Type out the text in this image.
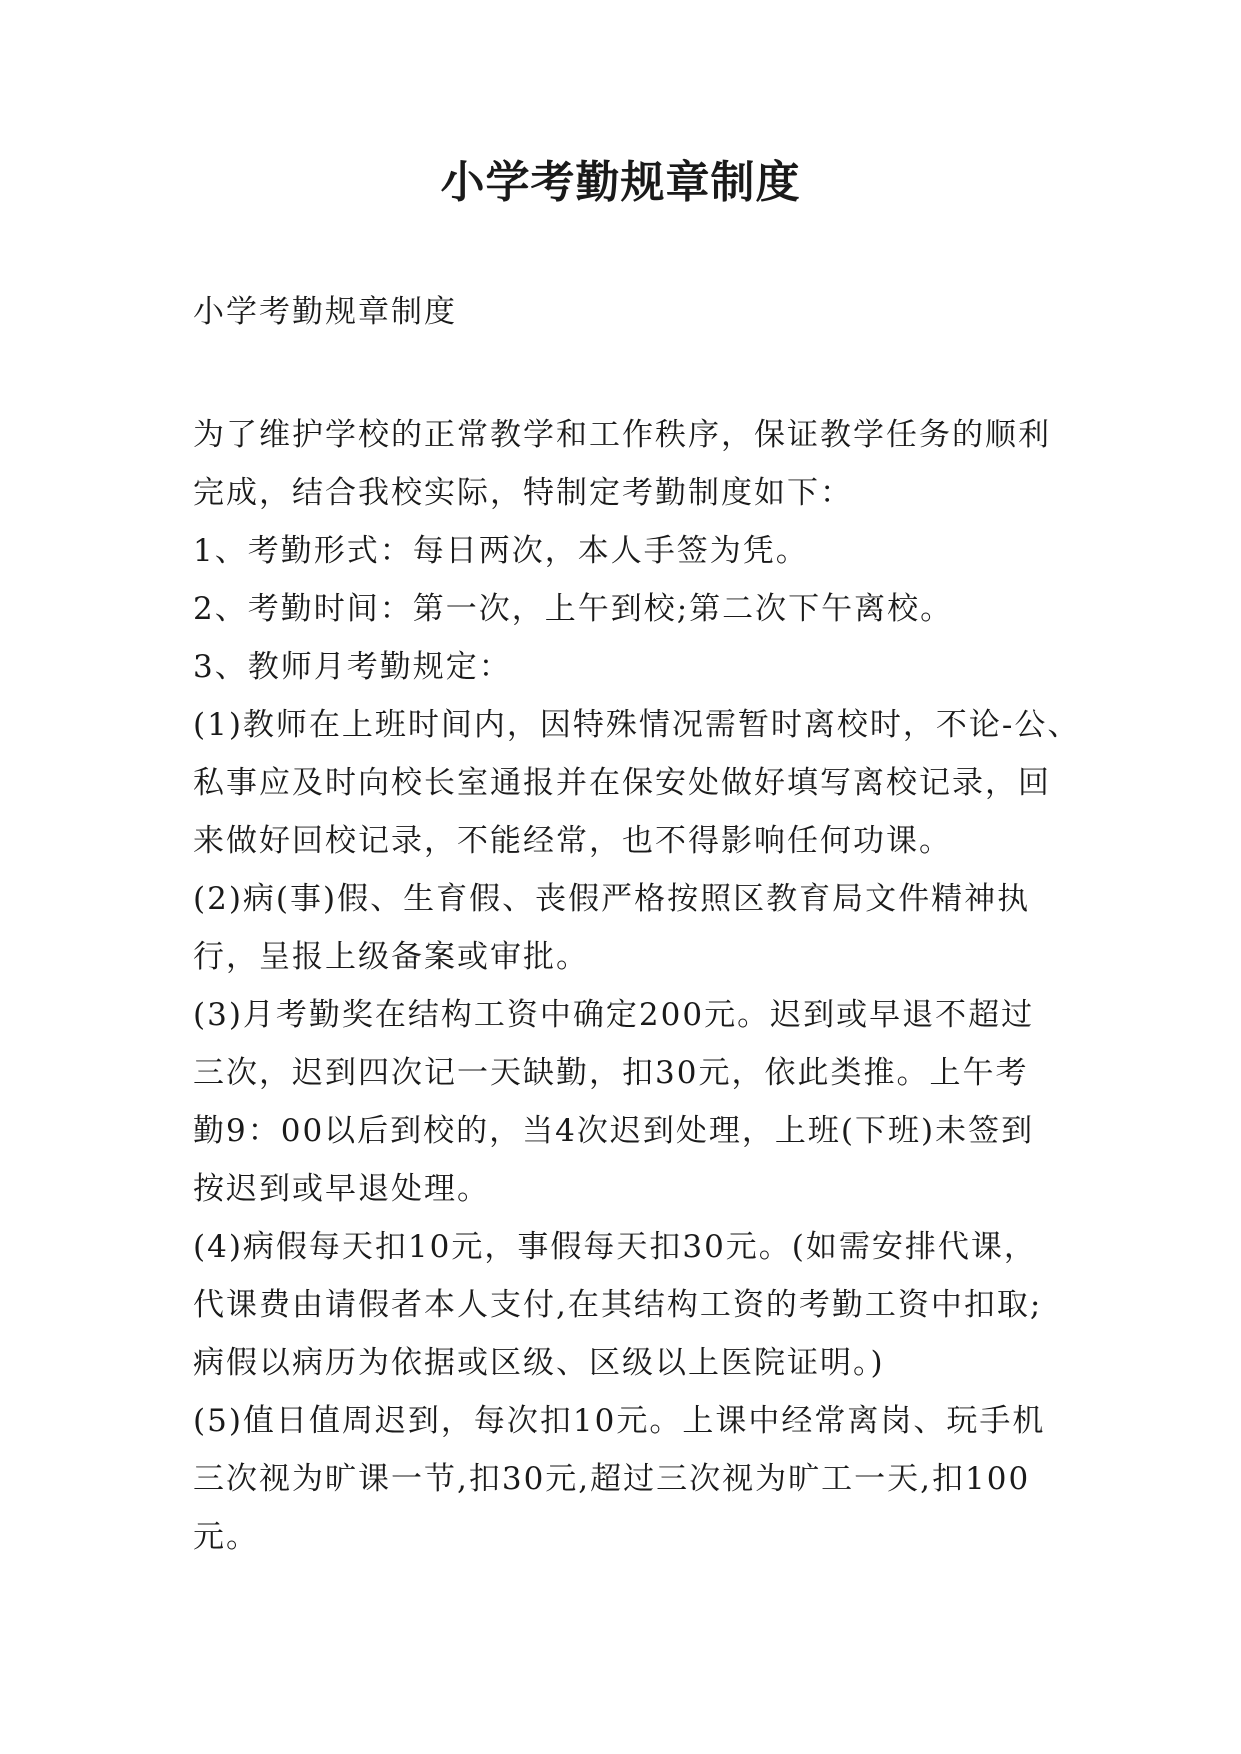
小学考勤规章制度
小学考勤规章制度
为了维护学校的正常教学和工作秩序，保证教学任务的顺利
完成，结合我校实际，特制定考勤制度如下：
1、考勤形式：每日两次，本人手签为凭。
2、考勤时间：第一次，上午到校;第二次下午离校。
3、教师月考勤规定：
(1)教师在上班时间内，因特殊情况需暂时离校时，不论-公、
私事应及时向校长室通报并在保安处做好填写离校记录，回
来做好回校记录，不能经常，也不得影响任何功课。
(2)病(事)假、生育假、丧假严格按照区教育局文件精神执
行，呈报上级备案或审批。
(3)月考勤奖在结构工资中确定200元。迟到或早退不超过
三次，迟到四次记一天缺勤，扣30元，依此类推。上午考
勤9：00以后到校的，当4次迟到处理，上班(下班)未签到
按迟到或早退处理。
(4)病假每天扣10元，事假每天扣30元。(如需安排代课，
代课费由请假者本人支付,在其结构工资的考勤工资中扣取;
病假以病历为依据或区级、区级以上医院证明。)
(5)值日值周迟到，每次扣10元。上课中经常离岗、玩手机
三次视为旷课一节,扣30元,超过三次视为旷工一天,扣100
元。
